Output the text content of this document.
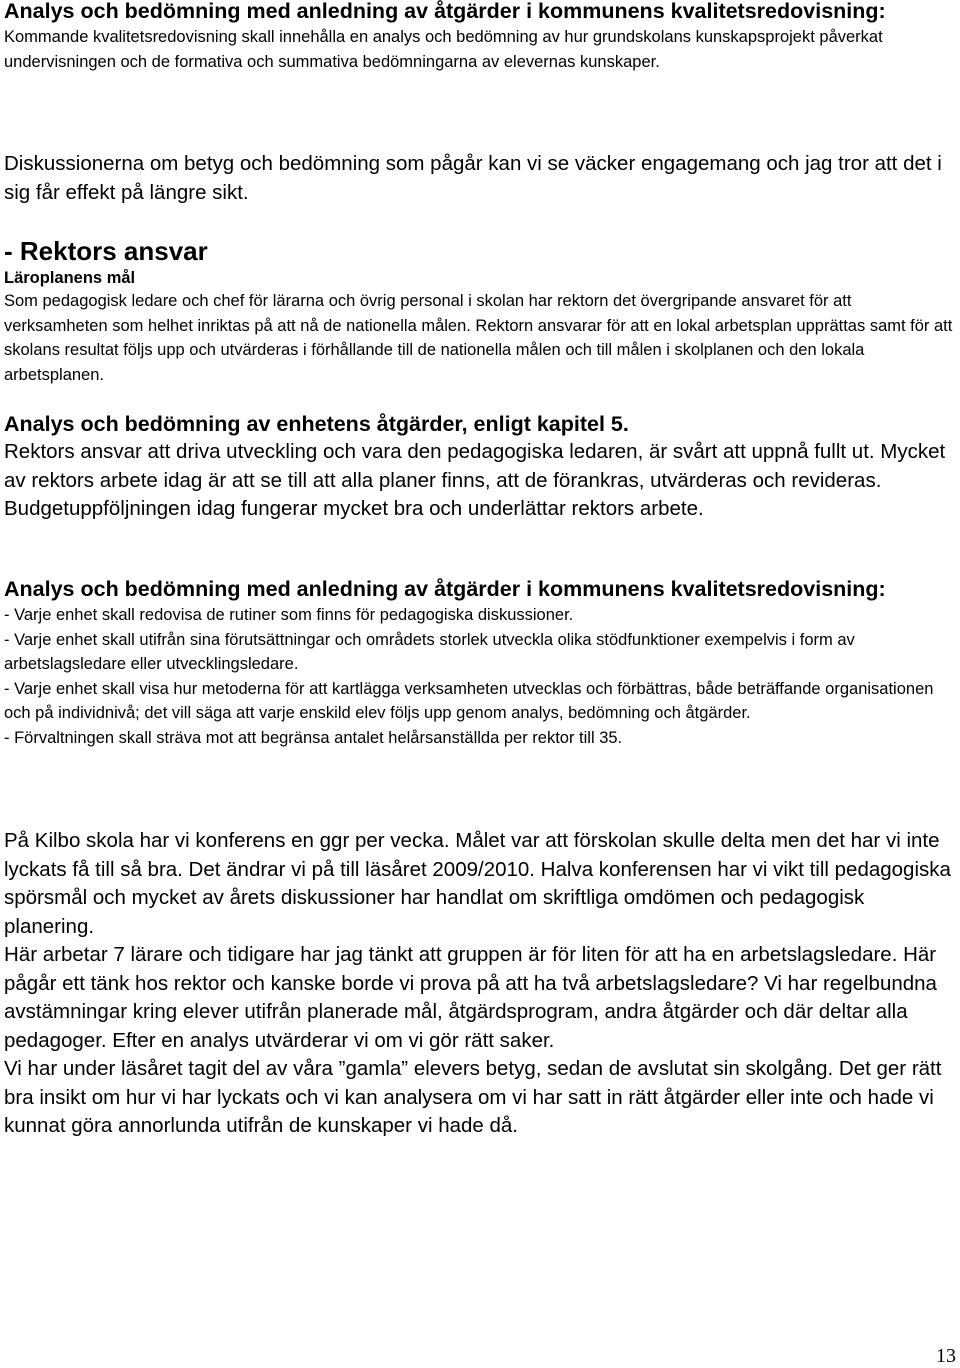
Analys och bedömning med anledning av åtgärder i kommunens kvalitetsredovisning:

Kommande kvalitetsredovisning skall innehålla en analys och bedömning av hur grundskolans kunskapsprojekt påverkat undervisningen och de formativa och summativa bedömningarna av elevernas kunskaper.

Diskussionerna om betyg och bedömning som pågår kan vi se väcker engagemang och jag tror att det i sig får effekt på längre sikt.

- Rektors ansvar
Läroplanens mål

Som pedagogisk ledare och chef för lärarna och övrig personal i skolan har rektorn det övergripande ansvaret för att verksamheten som helhet inriktas på att nå de nationella målen. Rektorn ansvarar för att en lokal arbetsplan upprättas samt för att skolans resultat följs upp och utvärderas i förhållande till de nationella målen och till målen i skolplanen och den lokala arbetsplanen.

Analys och bedömning av enhetens åtgärder, enligt kapitel 5.

Rektors ansvar att driva utveckling och vara den pedagogiska ledaren, är svårt att uppnå fullt ut. Mycket av rektors arbete idag är att se till att alla planer finns, att de förankras, utvärderas och revideras. Budgetuppföljningen idag fungerar mycket bra och underlättar rektors arbete.

Analys och bedömning med anledning av åtgärder i kommunens kvalitetsredovisning:
- Varje enhet skall redovisa de rutiner som finns för pedagogiska diskussioner.
- Varje enhet skall utifrån sina förutsättningar och områdets storlek utveckla olika stödfunktioner exempelvis i form av arbetslagsledare eller utvecklingsledare.
- Varje enhet skall visa hur metoderna för att kartlägga verksamheten utvecklas och förbättras, både beträffande organisationen och på individnivå; det vill säga att varje enskild elev följs upp genom analys, bedömning och åtgärder.
- Förvaltningen skall sträva mot att begränsa antalet helårsanställda per rektor till 35.

På Kilbo skola har vi konferens en ggr per vecka. Målet var att förskolan skulle delta men det har vi inte lyckats få till så bra. Det ändrar vi på till läsåret 2009/2010. Halva konferensen har vi vikt till pedagogiska spörsmål och mycket av årets diskussioner har handlat om skriftliga omdömen och pedagogisk planering.

Här arbetar 7 lärare och tidigare har jag tänkt att gruppen är för liten för att ha en arbetslagsledare. Här pågår ett tänk hos rektor och kanske borde vi prova på att ha två arbetslagsledare? Vi har regelbundna avstämningar kring elever utifrån planerade mål, åtgärdsprogram, andra åtgärder och där deltar alla pedagoger. Efter en analys utvärderar vi om vi gör rätt saker.

Vi har under läsåret tagit del av våra ”gamla” elevers betyg, sedan de avslutat sin skolgång. Det ger rätt bra insikt om hur vi har lyckats och vi kan analysera om vi har satt in rätt åtgärder eller inte och hade vi kunnat göra annorlunda utifrån de kunskaper vi hade då.

13
